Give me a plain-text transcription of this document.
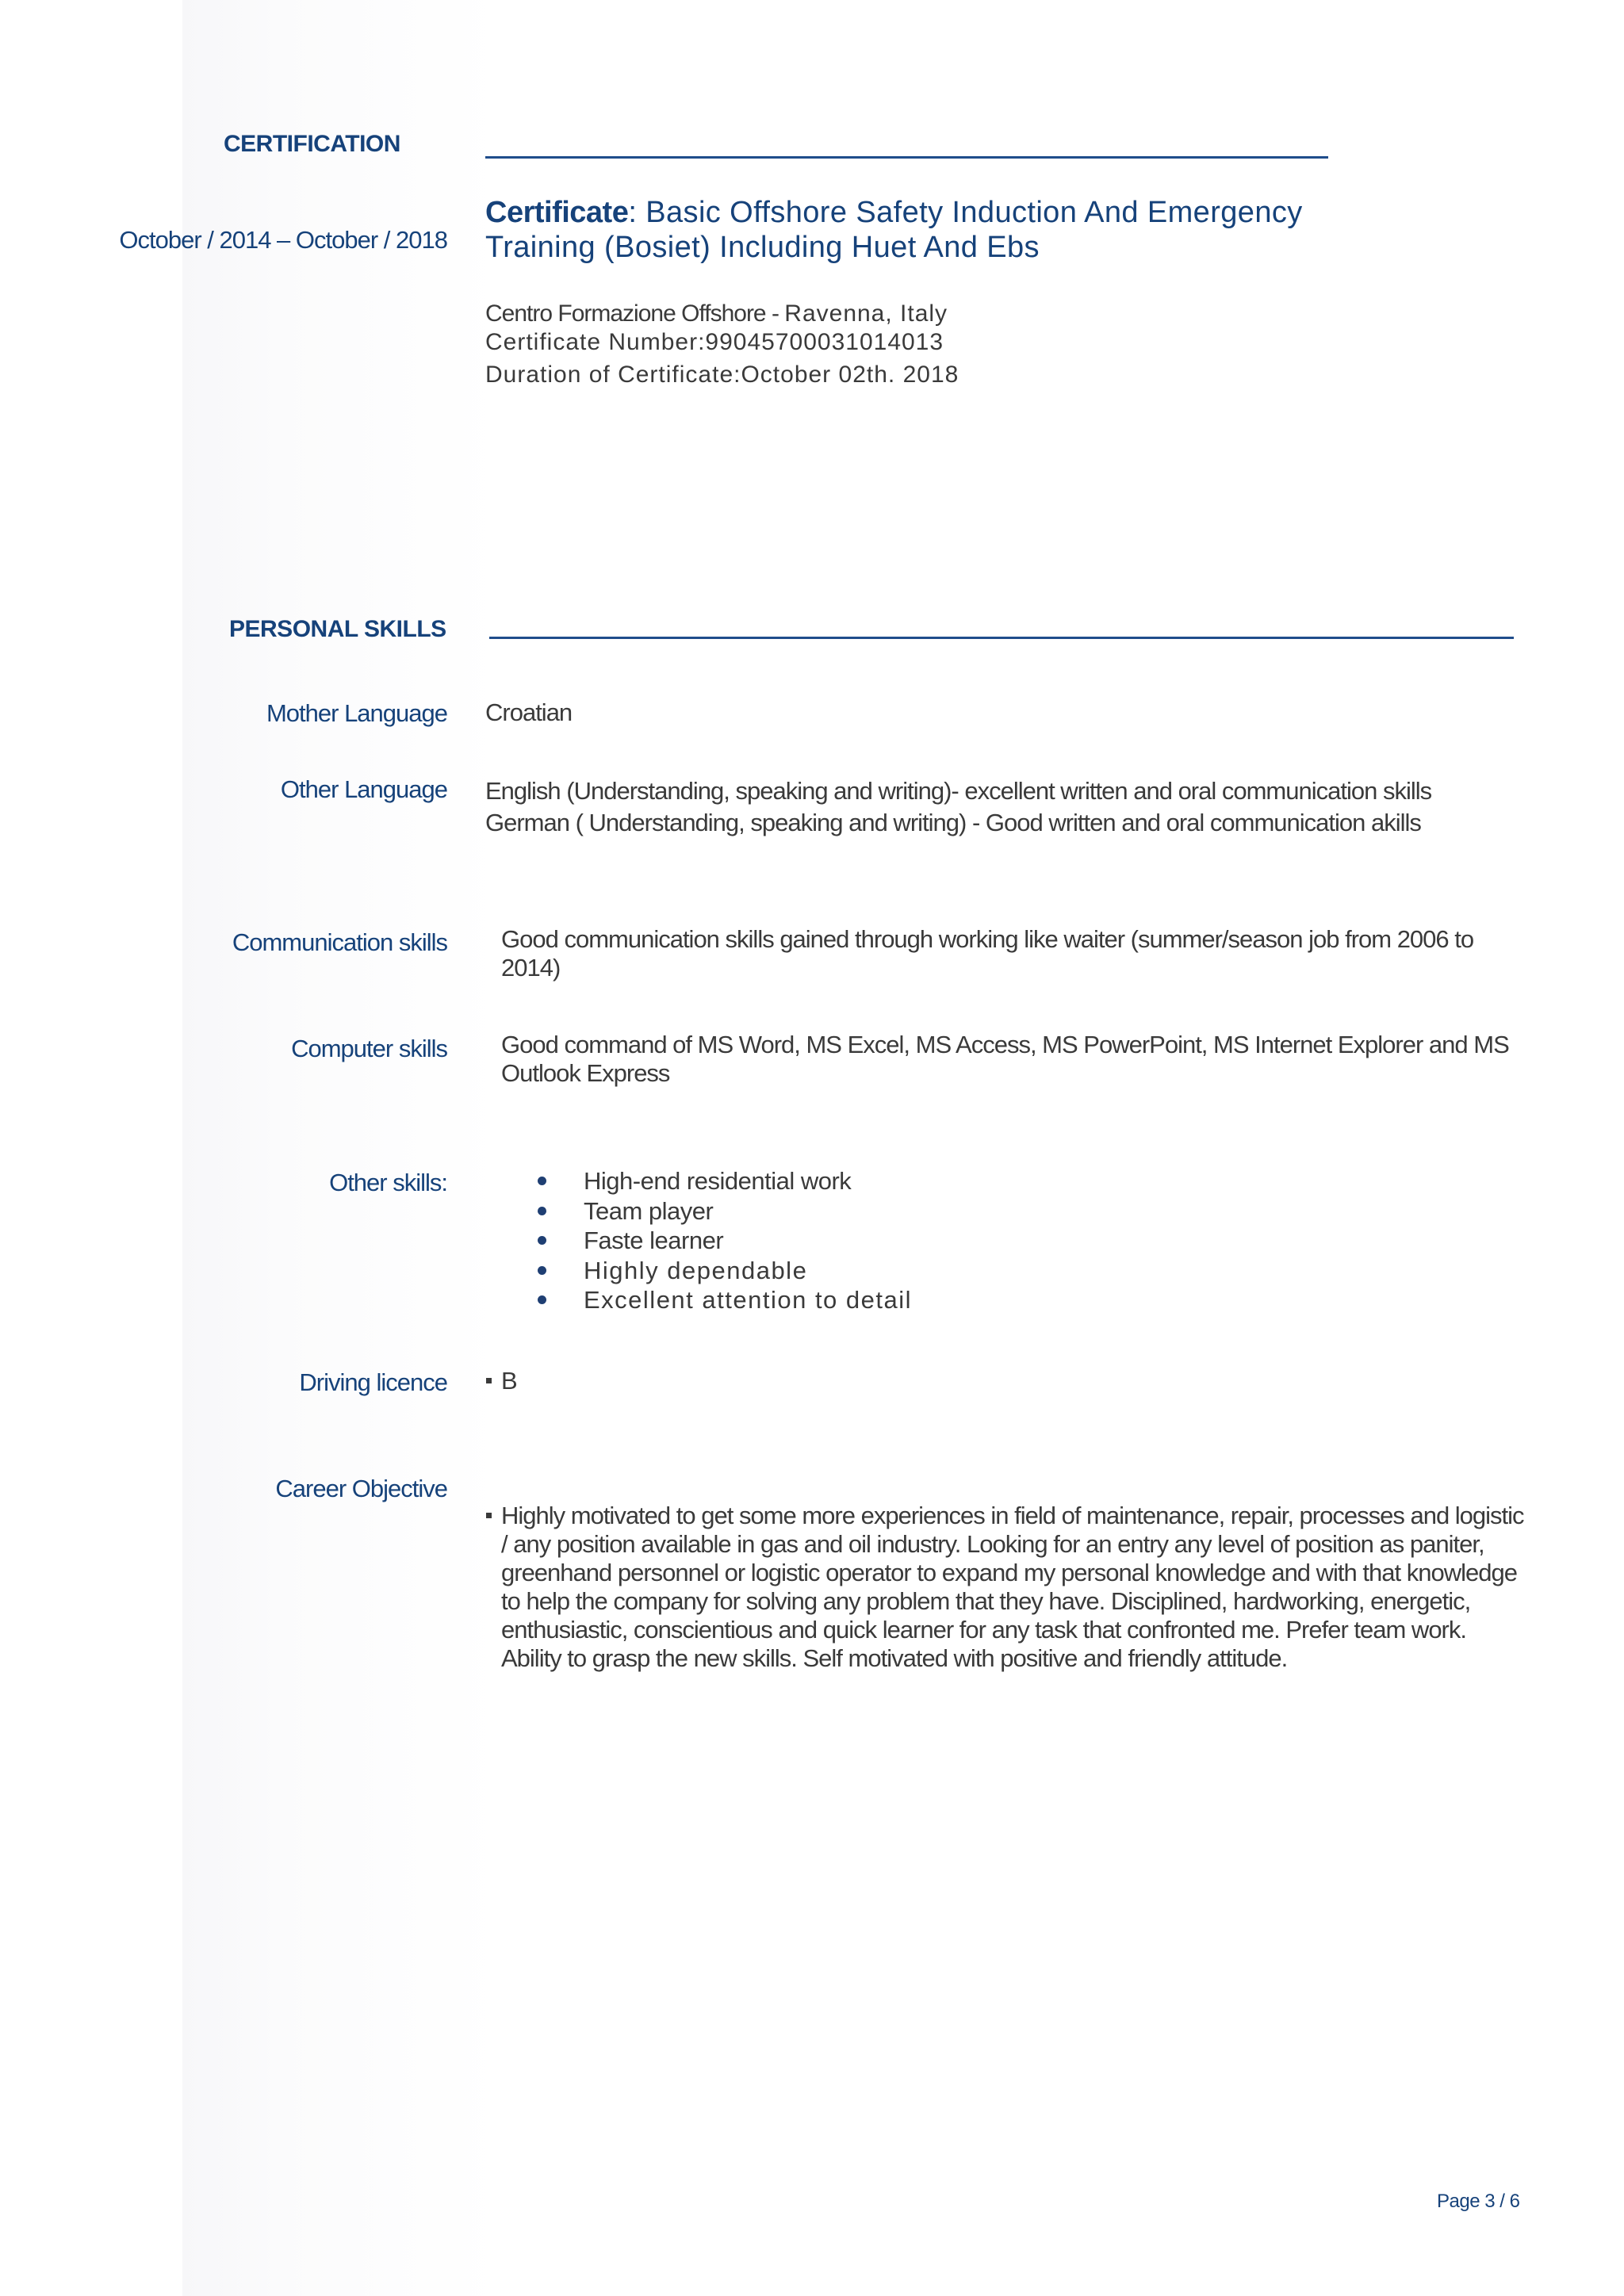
CERTIFICATION
October / 2014 – October / 2018
Certificate: Basic Offshore Safety Induction And Emergency
Training (Bosiet) Including Huet And Ebs
Centro Formazione Offshore - Ravenna, Italy
Certificate Number:99045700031014013
Duration of Certificate:October 02th. 2018
PERSONAL SKILLS
Mother Language Croatian
Other Language English (Understanding, speaking and writing)- excellent written and oral communication skills
German ( Understanding, speaking and writing) - Good written and oral communication akills
Communication skills Good communication skills gained through working like waiter (summer/season job from 2006 to 2014)
Computer skills Good command of MS Word, MS Excel, MS Access, MS PowerPoint, MS Internet Explorer and MS Outlook Express
Other skills:	High-end residential work
Team player
Faste learner
Highly dependable
Excellent attention to detail
Driving licence	B
Career Objective
Highly motivated to get some more experiences in field of maintenance, repair, processes and logistic / any position available in gas and oil industry. Looking for an entry any level of position as paniter, greenhand personnel or logistic operator to expand my personal knowledge and with that knowledge to help the company for solving any problem that they have. Disciplined, hardworking, energetic, enthusiastic, conscientious and quick learner for any task that confronted me. Prefer team work. Ability to grasp the new skills. Self motivated with positive and friendly attitude.
Page 3 / 6
